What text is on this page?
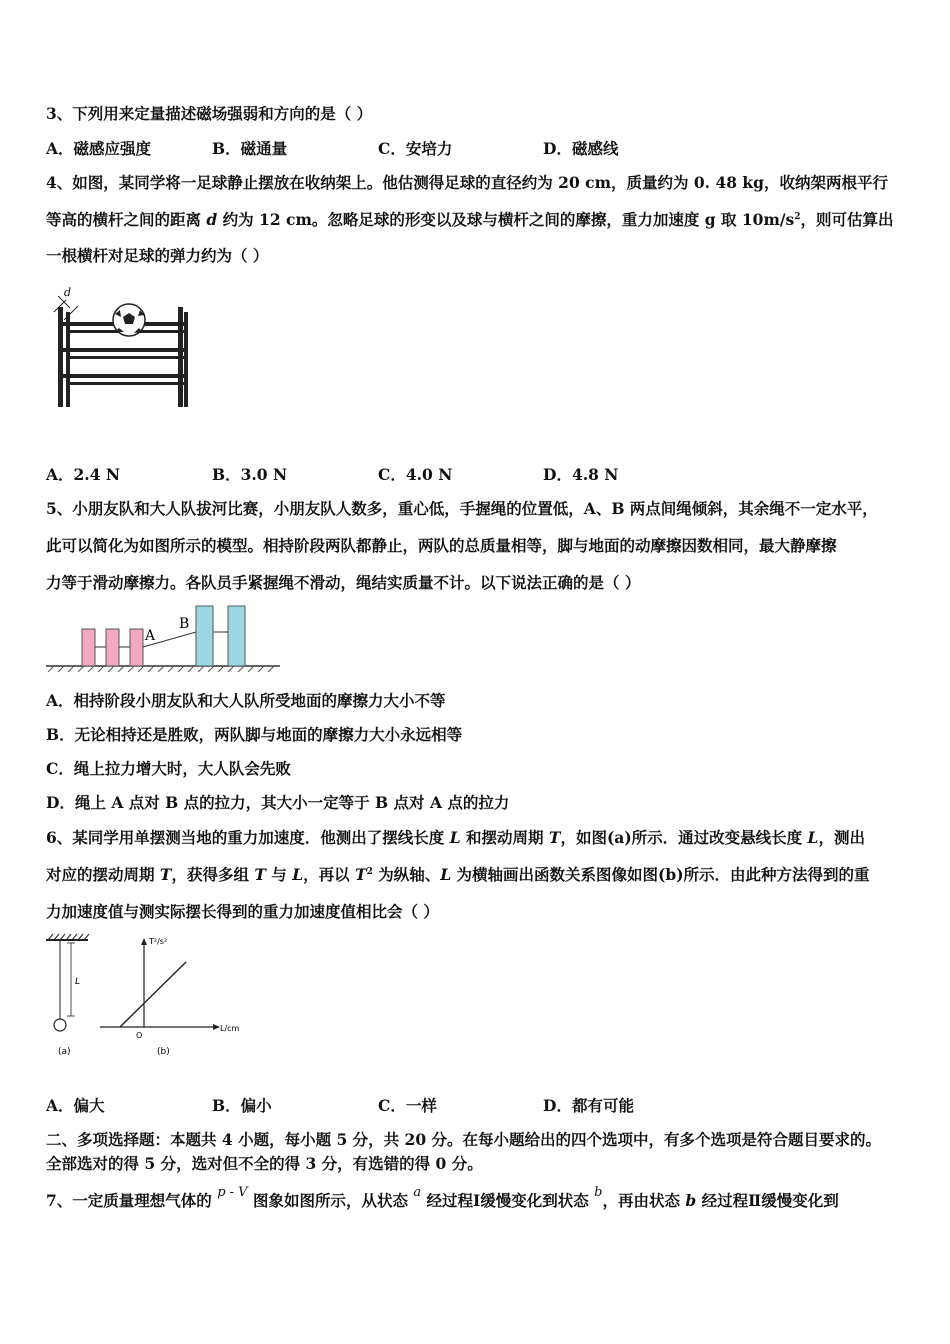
3、下列用来定量描述磁场强弱和方向的是（ ）
A．磁感应强度	B．磁通量	C．安培力	D．磁感线
4、如图，某同学将一足球静止摆放在收纳架上。他估测得足球的直径约为 20 cm，质量约为 0. 48 kg，收纳架两根平行
等高的横杆之间的距离 d 约为 12 cm。忽略足球的形变以及球与横杆之间的摩擦，重力加速度 g 取 $10m/s^2$，则可估算出
一根横杆对足球的弹力约为（ ）
d
A．2.4 N	B．3.0 N	C．4.0 N	D．4.8 N
5、小朋友队和大人队拔河比赛，小朋友队人数多，重心低，手握绳的位置低，A、B 两点间绳倾斜，其余绳不一定水平，
此可以简化为如图所示的模型。相持阶段两队都静止，两队的总质量相等，脚与地面的动摩擦因数相同，最大静摩擦
力等于滑动摩擦力。各队员手紧握绳不滑动，绳结实质量不计。以下说法正确的是（ ）
A
B
A．相持阶段小朋友队和大人队所受地面的摩擦力大小不等
B．无论相持还是胜败，两队脚与地面的摩擦力大小永远相等
C．绳上拉力增大时，大人队会先败
D．绳上 A 点对 B 点的拉力，其大小一定等于 B 点对 A 点的拉力
6、某同学用单摆测当地的重力加速度．他测出了摆线长度 L 和摆动周期 T，如图(a)所示．通过改变悬线长度 L，测出
对应的摆动周期 T，获得多组 T 与 L，再以 $T^2$ 为纵轴、L 为横轴画出函数关系图像如图(b)所示．由此种方法得到的重
力加速度值与测实际摆长得到的重力加速度值相比会（ ）
L
(a)
T²/s²
L/cm
O
(b)
A．偏大	B．偏小	C．一样	D．都有可能
二、多项选择题：本题共 4 小题，每小题 5 分，共 20 分。在每小题给出的四个选项中，有多个选项是符合题目要求的。
全部选对的得 5 分，选对但不全的得 3 分，有选错的得 0 分。
7、一定质量理想气体的 $^{p - V}$ 图象如图所示，从状态 $^a$ 经过程Ⅰ缓慢变化到状态 $^b$，再由状态 b 经过程Ⅱ缓慢变化到
